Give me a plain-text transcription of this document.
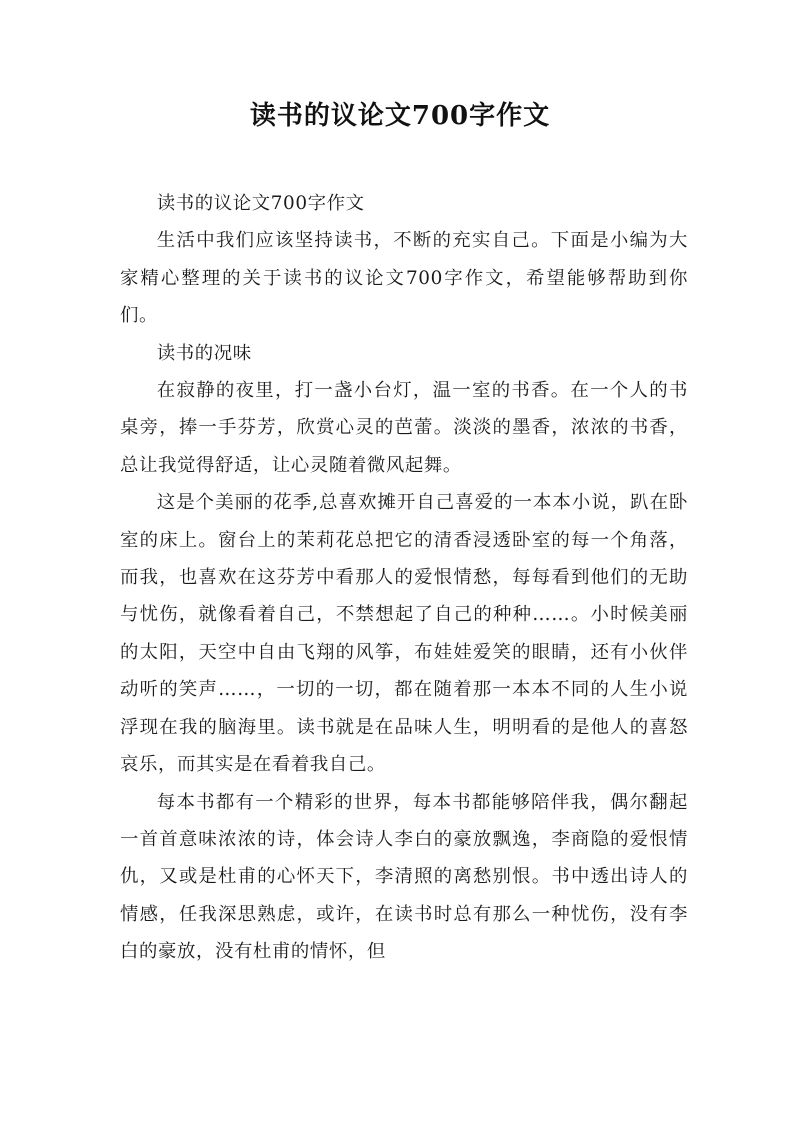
读书的议论文700字作文

读书的议论文700字作文

生活中我们应该坚持读书，不断的充实自己。下面是小编为大家精心整理的关于读书的议论文700字作文，希望能够帮助到你们。

读书的况味

在寂静的夜里，打一盏小台灯，温一室的书香。在一个人的书桌旁，捧一手芬芳，欣赏心灵的芭蕾。淡淡的墨香，浓浓的书香，总让我觉得舒适，让心灵随着微风起舞。

这是个美丽的花季,总喜欢摊开自己喜爱的一本本小说，趴在卧室的床上。窗台上的茉莉花总把它的清香浸透卧室的每一个角落，而我，也喜欢在这芬芳中看那人的爱恨情愁，每每看到他们的无助与忧伤，就像看着自己，不禁想起了自己的种种……。小时候美丽的太阳，天空中自由飞翔的风筝，布娃娃爱笑的眼睛，还有小伙伴动听的笑声……，一切的一切，都在随着那一本本不同的人生小说浮现在我的脑海里。读书就是在品味人生，明明看的是他人的喜怒哀乐，而其实是在看着我自己。

每本书都有一个精彩的世界，每本书都能够陪伴我，偶尔翻起一首首意味浓浓的诗，体会诗人李白的豪放飘逸，李商隐的爱恨情仇，又或是杜甫的心怀天下，李清照的离愁别恨。书中透出诗人的情感，任我深思熟虑，或许，在读书时总有那么一种忧伤，没有李白的豪放，没有杜甫的情怀，但
